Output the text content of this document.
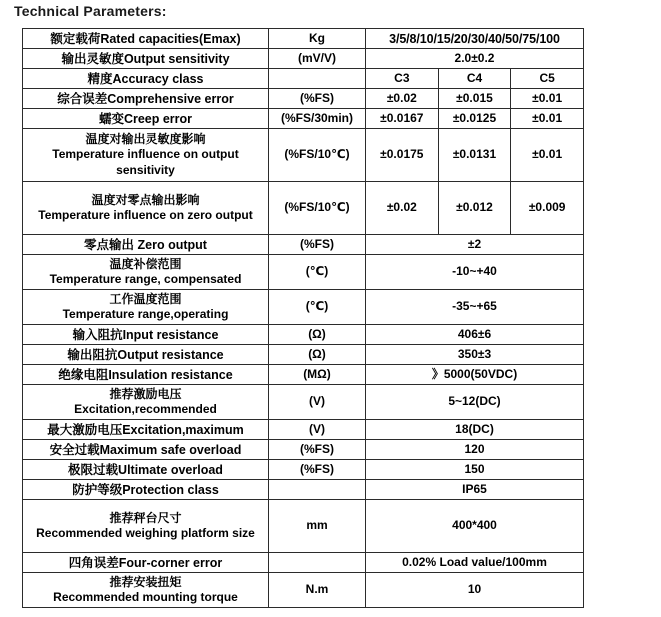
Technical Parameters:
额定载荷Rated capacities(Emax)	Kg	3/5/8/10/15/20/30/40/50/75/100		

输出灵敏度Output sensitivity	(mV/V)	2.0±0.2		

精度Accuracy class		C3	C4	C5

综合误差Comprehensive error	(%FS)	±0.02	±0.015	±0.01

蠕变Creep error	(%FS/30min)	±0.0167	±0.0125	±0.01

温度对输出灵敏度影响
Temperature influence on output sensitivity	(%FS/10℃)	±0.0175	±0.0131	±0.01

温度对零点输出影响
Temperature influence on zero output	(%FS/10℃)	±0.02	±0.012	±0.009

零点输出 Zero output	(%FS)	±2		

温度补偿范围
Temperature range, compensated	(℃)	-10~+40		

工作温度范围
Temperature range,operating	(℃)	-35~+65		

输入阻抗Input resistance	(Ω)	406±6		

输出阻抗Output resistance	(Ω)	350±3		

绝缘电阻Insulation resistance	(MΩ)	》5000(50VDC)		

推荐激励电压
Excitation,recommended	(V)	5~12(DC)		

最大激励电压Excitation,maximum	(V)	18(DC)		

安全过载Maximum safe overload	(%FS)	120		

极限过载Ultimate overload	(%FS)	150		

防护等级Protection class		IP65		

推荐秤台尺寸
Recommended weighing platform size	mm	400*400		

四角误差Four-corner error		0.02% Load value/100mm		

推荐安装扭矩
Recommended mounting torque	N.m	10		
